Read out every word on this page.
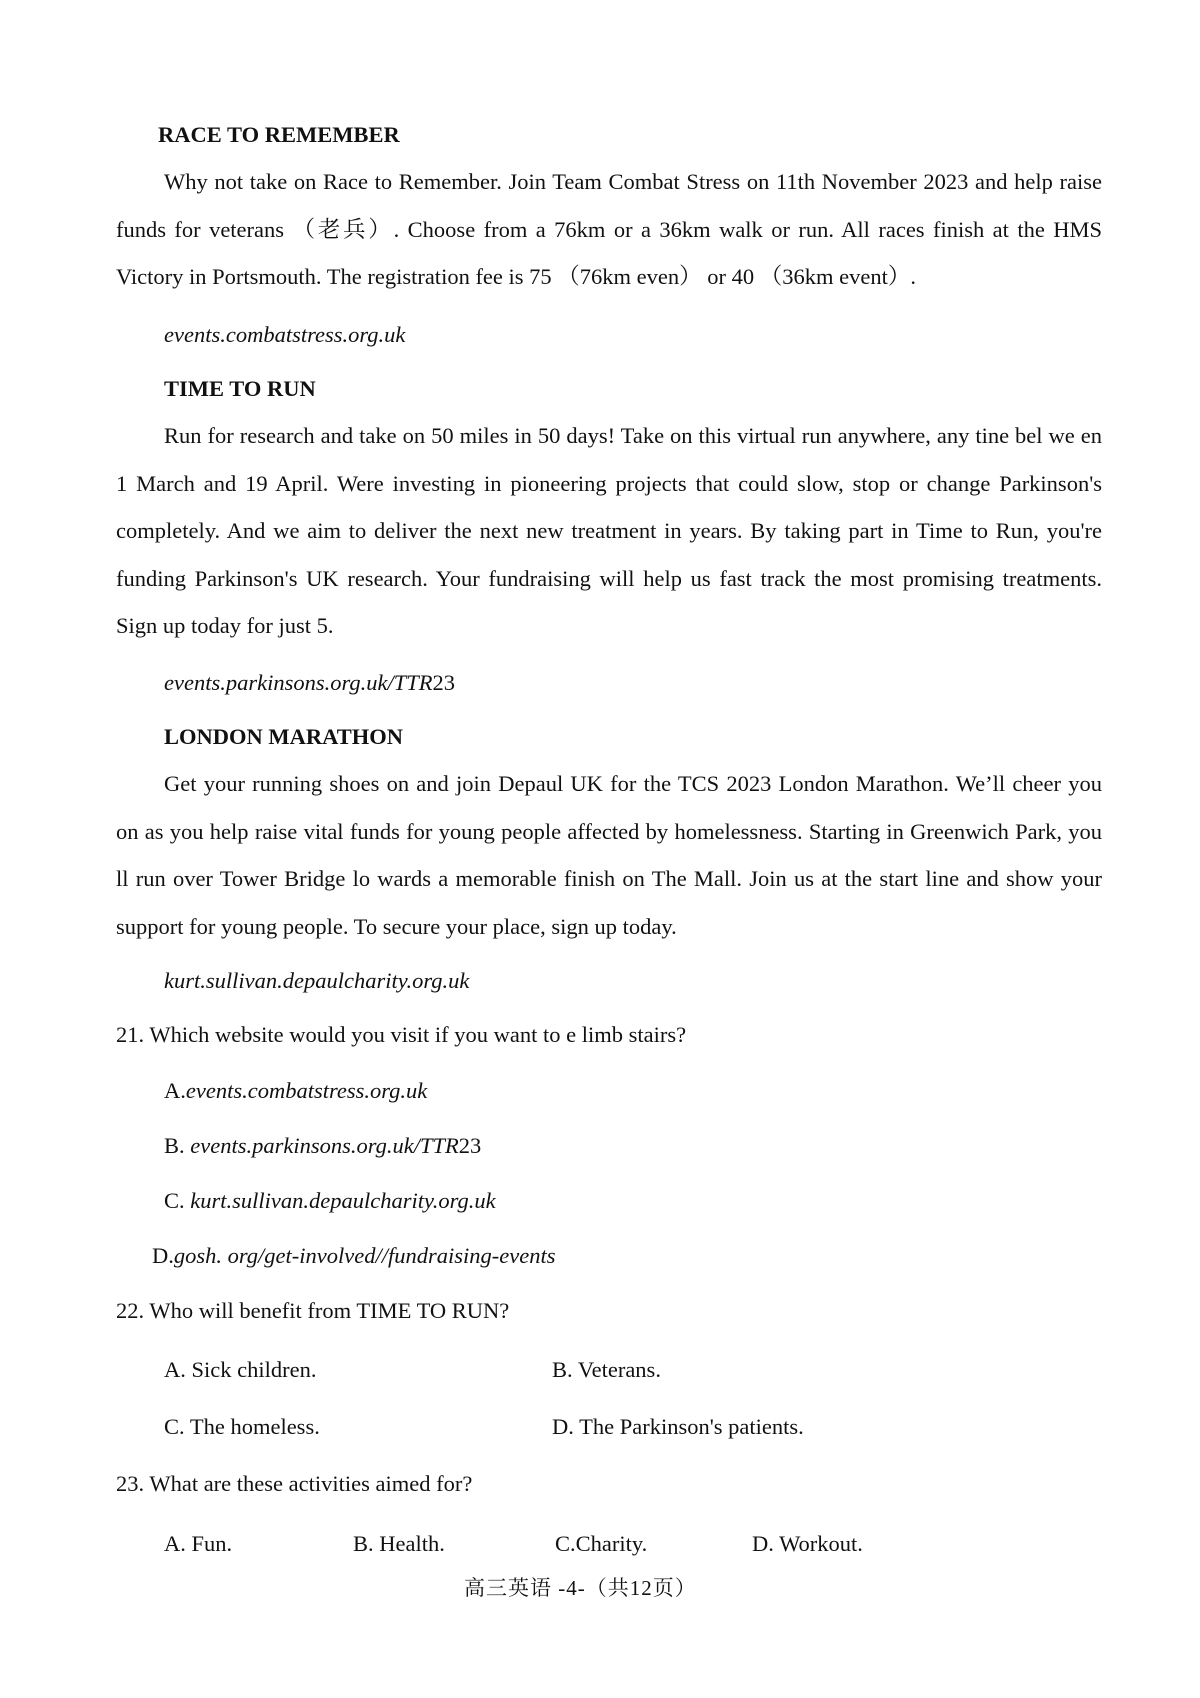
RACE TO REMEMBER
Why not take on Race to Remember. Join Team Combat Stress on 11th November 2023 and help raise funds for veterans （老兵）. Choose from a 76km or a 36km walk or run. All races finish at the HMS Victory in Portsmouth. The registration fee is 75 （76km even） or 40 （36km event）.
events.combatstress.org.uk
TIME TO RUN
Run for research and take on 50 miles in 50 days! Take on this virtual run anywhere, any tine bel we en 1 March and 19 April. Were investing in pioneering projects that could slow, stop or change Parkinson's completely. And we aim to deliver the next new treatment in years. By taking part in Time to Run, you're funding Parkinson's UK research. Your fundraising will help us fast track the most promising treatments. Sign up today for just 5.
events.parkinsons.org.uk/TTR23
LONDON MARATHON
Get your running shoes on and join Depaul UK for the TCS 2023 London Marathon. We’ll cheer you on as you help raise vital funds for young people affected by homelessness. Starting in Greenwich Park, you ll run over Tower Bridge lo wards a memorable finish on The Mall. Join us at the start line and show your support for young people. To secure your place, sign up today.
kurt.sullivan.depaulcharity.org.uk
21. Which website would you visit if you want to e limb stairs?
A.events.combatstress.org.uk
B. events.parkinsons.org.uk/TTR23
C. kurt.sullivan.depaulcharity.org.uk
D.gosh. org/get-involved//fundraising-events
22. Who will benefit from TIME TO RUN?
A. Sick children.	B. Veterans.
C. The homeless.	D. The Parkinson's patients.
23. What are these activities aimed for?
A. Fun.	B. Health.	C.Charity.	D. Workout.
高三英语 -4-（共12页）
